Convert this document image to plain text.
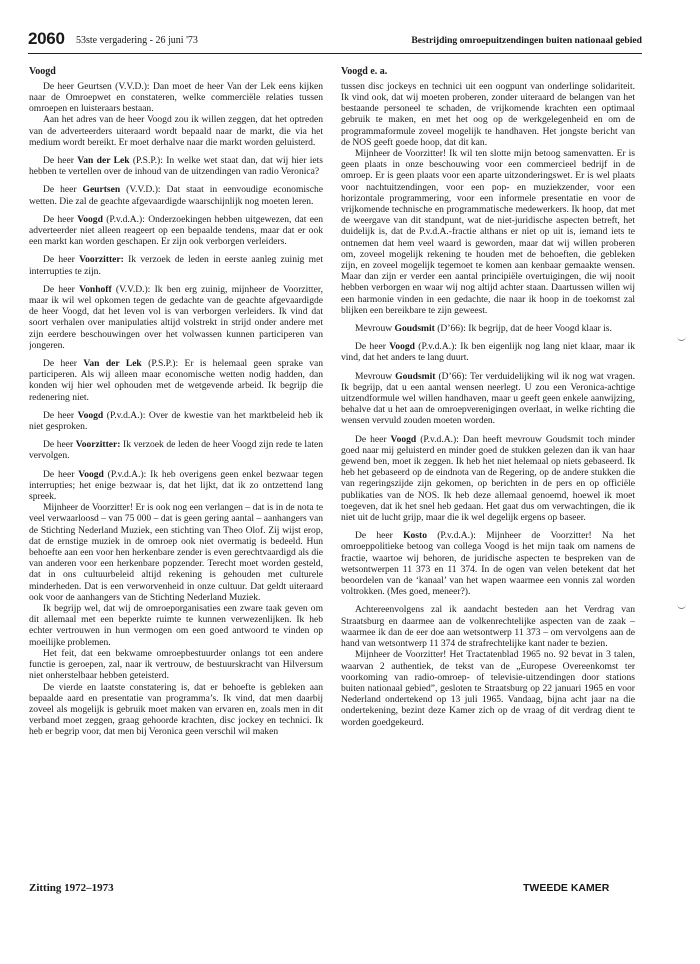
2060 53ste vergadering - 26 juni '73	Bestrijding omroepuitzendingen buiten nationaal gebied
Voogd

De heer Geurtsen (V.V.D.): Dan moet de heer Van der Lek eens kijken naar de Omroepwet en constateren, welke commerciële relaties tussen omroepen en luisteraars bestaan.

Aan het adres van de heer Voogd zou ik willen zeggen, dat het optreden van de adverteerders uiteraard wordt bepaald naar de markt, die via het medium wordt bereikt. Er moet derhalve naar die markt worden geluisterd.

De heer Van der Lek (P.S.P.): In welke wet staat dan, dat wij hier iets hebben te vertellen over de inhoud van de uitzendingen van radio Veronica?

De heer Geurtsen (V.V.D.): Dat staat in eenvoudige economische wetten. Die zal de geachte afgevaardigde waarschijnlijk nog moeten leren.

De heer Voogd (P.v.d.A.): Onderzoekingen hebben uitgewezen, dat een adverteerder niet alleen reageert op een bepaalde tendens, maar dat er ook een markt kan worden geschapen. Er zijn ook verborgen verleiders.

De heer Voorzitter: Ik verzoek de leden in eerste aanleg zuinig met interrupties te zijn.

De heer Vonhoff (V.V.D.): Ik ben erg zuinig, mijnheer de Voorzitter, maar ik wil wel opkomen tegen de gedachte van de geachte afgevaardigde de heer Voogd, dat het leven vol is van verborgen verleiders. Ik vind dat soort verhalen over manipulaties altijd volstrekt in strijd onder andere met zijn eerdere beschouwingen over het volwassen kunnen participeren van jongeren.

De heer Van der Lek (P.S.P.): Er is helemaal geen sprake van participeren. Als wij alleen maar economische wetten nodig hadden, dan konden wij hier wel ophouden met de wetgevende arbeid. Ik begrijp die redenering niet.

De heer Voogd (P.v.d.A.): Over de kwestie van het marktbeleid heb ik niet gesproken.

De heer Voorzitter: Ik verzoek de leden de heer Voogd zijn rede te laten vervolgen.

De heer Voogd (P.v.d.A.): Ik heb overigens geen enkel bezwaar tegen interrupties; het enige bezwaar is, dat het lijkt, dat ik zo ontzettend lang spreek.

Mijnheer de Voorzitter! Er is ook nog een verlangen – dat is in de nota te veel verwaarloosd – van 75 000 – dat is geen gering aantal – aanhangers van de Stichting Nederland Muziek, een stichting van Theo Olof. Zij wijst erop, dat de ernstige muziek in de omroep ook niet overmatig is bedeeld. Hun behoefte aan een voor hen herkenbare zender is even gerechtvaardigd als die van anderen voor een herkenbare popzender. Terecht moet worden gesteld, dat in ons cultuurbeleid altijd rekening is gehouden met culturele minderheden. Dat is een verworvenheid in onze cultuur. Dat geldt uiteraard ook voor de aanhangers van de Stichting Nederland Muziek.

Ik begrijp wel, dat wij de omroeporganisaties een zware taak geven om dit allemaal met een beperkte ruimte te kunnen verwezenlijken. Ik heb echter vertrouwen in hun vermogen om een goed antwoord te vinden op moeilijke problemen.

Het feit, dat een bekwame omroepbestuurder onlangs tot een andere functie is geroepen, zal, naar ik vertrouw, de bestuurskracht van Hilversum niet onherstelbaar hebben geteisterd.

De vierde en laatste constatering is, dat er behoefte is gebleken aan bepaalde aard en presentatie van programma’s. Ik vind, dat men daarbij zoveel als mogelijk is gebruik moet maken van ervaren en, zoals men in dit verband moet zeggen, graag gehoorde krachten, disc jockey en technici. Ik heb er begrip voor, dat men bij Veronica geen verschil wil maken

Voogd e. a.

tussen disc jockeys en technici uit een oogpunt van onderlinge solidariteit. Ik vind ook, dat wij moeten proberen, zonder uiteraard de belangen van het bestaande personeel te schaden, de vrijkomende krachten een optimaal gebruik te maken, en met het oog op de werkgelegenheid en om de programmaformule zoveel mogelijk te handhaven. Het jongste bericht van de NOS geeft goede hoop, dat dit kan.

Mijnheer de Voorzitter! Ik wil ten slotte mijn betoog samenvatten. Er is geen plaats in onze beschouwing voor een commercieel bedrijf in de omroep. Er is geen plaats voor een aparte uitzonderingswet. Er is wel plaats voor nachtuitzendingen, voor een pop- en muziekzender, voor een horizontale programmering, voor een informele presentatie en voor de vrijkomende technische en programmatische medewerkers. Ik hoop, dat met de weergave van dit standpunt, wat de niet-juridische aspecten betreft, het duidelijk is, dat de P.v.d.A.-fractie althans er niet op uit is, iemand iets te ontnemen dat hem veel waard is geworden, maar dat wij willen proberen om, zoveel mogelijk rekening te houden met de behoeften, die gebleken zijn, en zoveel mogelijk tegemoet te komen aan kenbaar gemaakte wensen. Maar dan zijn er verder een aantal principiële overtuigingen, die wij nooit hebben verborgen en waar wij nog altijd achter staan. Daartussen willen wij een harmonie vinden in een gedachte, die naar ik hoop in de toekomst zal blijken een bereikbare te zijn geweest.

Mevrouw Goudsmit (D’66): Ik begrijp, dat de heer Voogd klaar is.

De heer Voogd (P.v.d.A.): Ik ben eigenlijk nog lang niet klaar, maar ik vind, dat het anders te lang duurt.

Mevrouw Goudsmit (D’66): Ter verduidelijking wil ik nog wat vragen. Ik begrijp, dat u een aantal wensen neerlegt. U zou een Veronica-achtige uitzendformule wel willen handhaven, maar u geeft geen enkele aanwijzing, behalve dat u het aan de omroepverenigingen overlaat, in welke richting die wensen vervuld zouden moeten worden.

De heer Voogd (P.v.d.A.): Dan heeft mevrouw Goudsmit toch minder goed naar mij geluisterd en minder goed de stukken gelezen dan ik van haar gewend ben, moet ik zeggen. Ik heb het niet helemaal op niets gebaseerd. Ik heb het gebaseerd op de eindnota van de Regering, op de andere stukken die van regeringszijde zijn gekomen, op berichten in de pers en op officiële publikaties van de NOS. Ik heb deze allemaal genoemd, hoewel ik moet toegeven, dat ik het snel heb gedaan. Het gaat dus om verwachtingen, die ik niet uit de lucht grijp, maar die ik wel degelijk ergens op baseer.

De heer Kosto (P.v.d.A.): Mijnheer de Voorzitter! Na het omroeppolitieke betoog van collega Voogd is het mijn taak om namens de fractie, waartoe wij behoren, de juridische aspecten te bespreken van de wetsontwerpen 11 373 en 11 374. In de ogen van velen betekent dat het beoordelen van de ‘kanaal’ van het wapen waarmee een vonnis zal worden voltrokken. (Mes goed, meneer?).

Achtereenvolgens zal ik aandacht besteden aan het Verdrag van Straatsburg en daarmee aan de volkenrechtelijke aspecten van de zaak – waarmee ik dan de eer doe aan wetsontwerp 11 373 – om vervolgens aan de hand van wetsontwerp 11 374 de strafrechtelijke kant nader te bezien.

Mijnheer de Voorzitter! Het Tractatenblad 1965 no. 92 bevat in 3 talen, waarvan 2 authentiek, de tekst van de „Europese Overeenkomst ter voorkoming van radio-omroep- of televisie-uitzendingen door stations buiten nationaal gebied”, gesloten te Straatsburg op 22 januari 1965 en voor Nederland ondertekend op 13 juli 1965. Vandaag, bijna acht jaar na die ondertekening, bezint deze Kamer zich op de vraag of dit verdrag dient te worden goedgekeurd.

Zitting 1972–1973	TWEEDE KAMER
